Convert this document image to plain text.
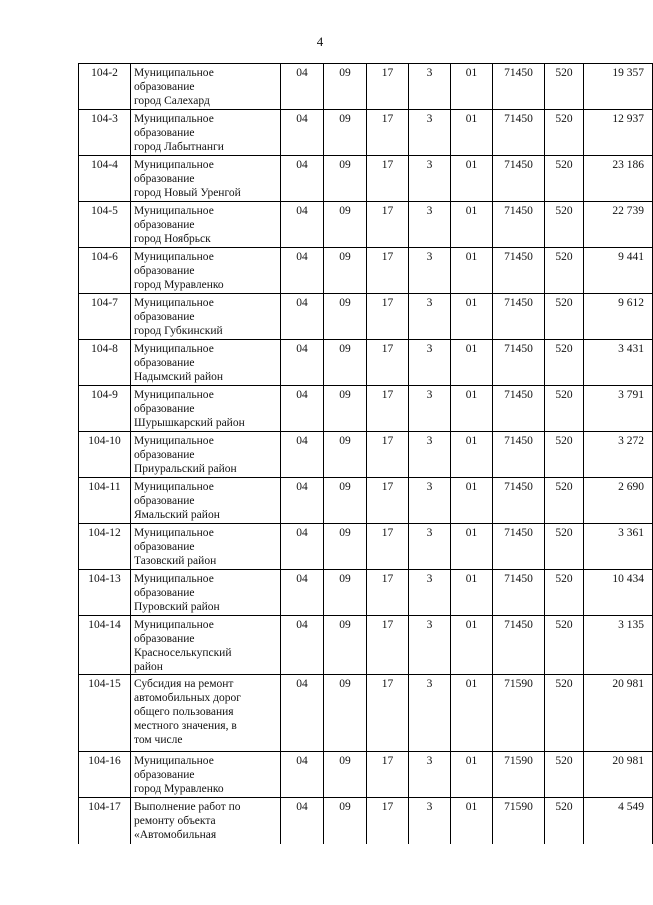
4
104-2	Муниципальное
образование
город Салехард	04	09	17	3	01	71450	520	19 357
104-3	Муниципальное
образование
город Лабытнанги	04	09	17	3	01	71450	520	12 937
104-4	Муниципальное
образование
город Новый Уренгой	04	09	17	3	01	71450	520	23 186
104-5	Муниципальное
образование
город Ноябрьск	04	09	17	3	01	71450	520	22 739
104-6	Муниципальное
образование
город Муравленко	04	09	17	3	01	71450	520	9 441
104-7	Муниципальное
образование
город Губкинский	04	09	17	3	01	71450	520	9 612
104-8	Муниципальное
образование
Надымский район	04	09	17	3	01	71450	520	3 431
104-9	Муниципальное
образование
Шурышкарский район	04	09	17	3	01	71450	520	3 791
104-10	Муниципальное
образование
Приуральский район	04	09	17	3	01	71450	520	3 272
104-11	Муниципальное
образование
Ямальский район	04	09	17	3	01	71450	520	2 690
104-12	Муниципальное
образование
Тазовский район	04	09	17	3	01	71450	520	3 361
104-13	Муниципальное
образование
Пуровский район	04	09	17	3	01	71450	520	10 434
104-14	Муниципальное
образование
Красноселькупский
район	04	09	17	3	01	71450	520	3 135
104-15	Субсидия на ремонт
автомобильных дорог
общего пользования
местного значения, в
том числе	04	09	17	3	01	71590	520	20 981
104-16	Муниципальное
образование
город Муравленко	04	09	17	3	01	71590	520	20 981
104-17	Выполнение работ по
ремонту объекта
«Автомобильная	04	09	17	3	01	71590	520	4 549
